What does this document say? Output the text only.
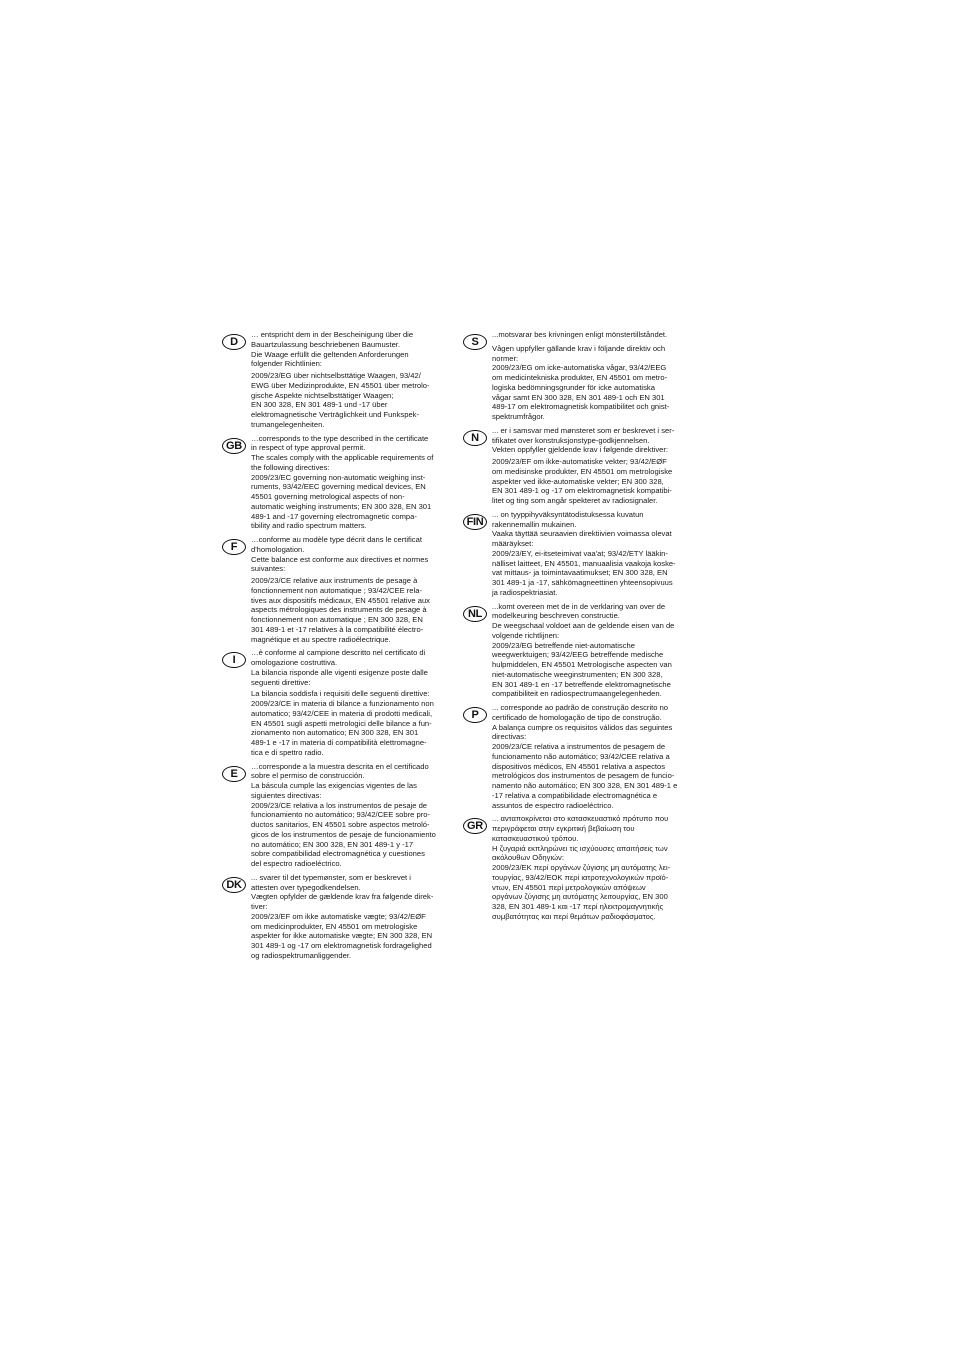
D

… entspricht dem in der Bescheinigung über die
Bauartzulassung beschriebenen Baumuster.
Die Waage erfüllt die geltenden Anforderungen
folgender Richtlinien:

2009/23/EG über nichtselbsttätige Waagen, 93/42/
EWG über Medizinprodukte, EN 45501 über metrolo-
gische Aspekte nichtselbsttätiger Waagen;
EN 300 328, EN 301 489-1 und -17 über
elektromagnetische Verträglichkeit und Funkspek-
trumangelegenheiten.

GB

…corresponds to the type described in the certificate
in respect of type approval permit.
The scales comply with the applicable requirements of
the following directives:
2009/23/EC governing non-automatic weighing inst-
ruments, 93/42/EEC governing medical devices, EN
45501 governing metrological aspects of non-
automatic weighing instruments; EN 300 328, EN 301
489-1 and -17 governing electromagnetic compa-
tibility and radio spectrum matters.

F

…conforme au modèle type décrit dans le certificat
d'homologation.
Cette balance est conforme aux directives et normes
suivantes:

2009/23/CE relative aux instruments de pesage à
fonctionnement non automatique ; 93/42/CEE rela-
tives aux dispositifs médicaux, EN 45501 relative aux
aspects métrologiques des instruments de pesage à
fonctionnement non automatique ; EN 300 328, EN
301 489-1 et -17 relatives à la compatibilité électro-
magnétique et au spectre radioélectrique.

I

…è conforme al campione descritto nel certificato di
omologazione costruttiva.
La bilancia risponde alle vigenti esigenze poste dalle
seguenti direttive:

La bilancia soddisfa i requisiti delle seguenti direttive:
2009/23/CE in materia di bilance a funzionamento non
automatico; 93/42/CEE in materia di prodotti medicali,
EN 45501 sugli aspetti metrologici delle bilance a fun-
zionamento non automatico; EN 300 328, EN 301
489-1 e -17 in materia di compatibilità elettromagne-
tica e di spettro radio.

E

…corresponde a la muestra descrita en el certificado
sobre el permiso de construcción.
La báscula cumple las exigencias vigentes de las
siguientes directivas:
2009/23/CE relativa a los instrumentos de pesaje de
funcionamiento no automático; 93/42/CEE sobre pro-
ductos sanitarios, EN 45501 sobre aspectos metroló-
gicos de los instrumentos de pesaje de funcionamiento
no automático; EN 300 328, EN 301 489-1 y -17
sobre compatibilidad electromagnética y cuestiones
del espectro radioeléctrico.

DK

... svarer til det typemønster, som er beskrevet i
attesten over typegodkendelsen.
Vægten opfylder de gældende krav fra følgende direk-
tiver:
2009/23/EF om ikke automatiske vægte; 93/42/EØF
om medicinprodukter, EN 45501 om metrologiske
aspekter for ikke automatiske vægte; EN 300 328, EN
301 489-1 og -17 om elektromagnetisk fordragelighed
og radiospektrumanliggender.

S

...motsvarar bes krivningen enligt mönstertillståndet.

Vågen uppfyller gällande krav i följande direktiv och
normer:
2009/23/EG om icke-automatiska vågar, 93/42/EEG
om medicintekniska produkter, EN 45501 om metro-
logiska bedömningsgrunder för icke automatiska
vågar samt EN 300 328, EN 301 489-1 och EN 301
489-17 om elektromagnetisk kompatibilitet och gnist-
spektrumfrågor.

N

... er i samsvar med mønsteret som er beskrevet i ser-
tifikatet over konstruksjonstype-godkjennelsen.
Vekten oppfyller gjeldende krav i følgende direktiver:

2009/23/EF om ikke-automatiske vekter; 93/42/EØF
om medisinske produkter, EN 45501 om metrologiske
aspekter ved ikke-automatiske vekter; EN 300 328,
EN 301 489-1 og -17 om elektromagnetisk kompatibi-
litet og ting som angår spekteret av radiosignaler.

FIN

... on tyyppihyväksyntätodistuksessa kuvatun
rakennemallin mukainen.
Vaaka täyttää seuraavien direktiivien voimassa olevat
määräykset:
2009/23/EY, ei-itseteimivat vaa'at; 93/42/ETY lääkin-
nälliset laitteet, EN 45501, manuaalisia vaakoja koske-
vat mittaus- ja toimintavaatimukset; EN 300 328, EN
301 489-1 ja -17, sähkömagneettinen yhteensopivuus
ja radiospektriasiat.

NL

...komt overeen met de in de verklaring van over de
modelkeuring beschreven constructie.
De weegschaal voldoet aan de geldende eisen van de
volgende richtlijnen:
2009/23/EG betreffende niet-automatische
weegwerktuigen; 93/42/EEG betreffende medische
hulpmiddelen, EN 45501 Metrologische aspecten van
niet-automatische weeginstrumenten; EN 300 328,
EN 301 489-1 en -17 betreffende elektromagnetische
compatibiliteit en radiospectrumaangelegenheden.

P

... corresponde ao padrão de construção descrito no
certificado de homologação de tipo de construção.
A balança cumpre os requisitos válidos das seguintes
directivas:
2009/23/CE relativa a instrumentos de pesagem de
funcionamento não automático; 93/42/CEE relativa a
dispositivos médicos, EN 45501 relativa a aspectos
metrológicos dos instrumentos de pesagem de funcio-
namento não automático; EN 300 328, EN 301 489-1 e
-17 relativa a compatibilidade electromagnética e
assuntos de espectro radioeléctrico.

GR

... ανταποκρίνεται στο κατασκευαστικό πρότυπο που
περιγράφεται στην εγκριτική βεβαίωση του
κατασκευαστικού τρόπου.
Η ζυγαριά εκπληρώνει τις ισχύουσες απαιτήσεις των
ακόλουθων Οδηγιών:
2009/23/ΕΚ περί οργάνων ζύγισης μη αυτόματης λει-
τουργίας, 93/42/ΕΟΚ περί ιατροτεχνολογικών προϊό-
ντων, EN 45501 περί μετρολογικών απόψεων
οργάνων ζύγισης μη αυτόματης λειτουργίας, EN 300
328, EN 301 489-1 και -17 περί ηλεκτρομαγνητικής
συμβατότητας και περί θεμάτων ραδιοφάσματος.
